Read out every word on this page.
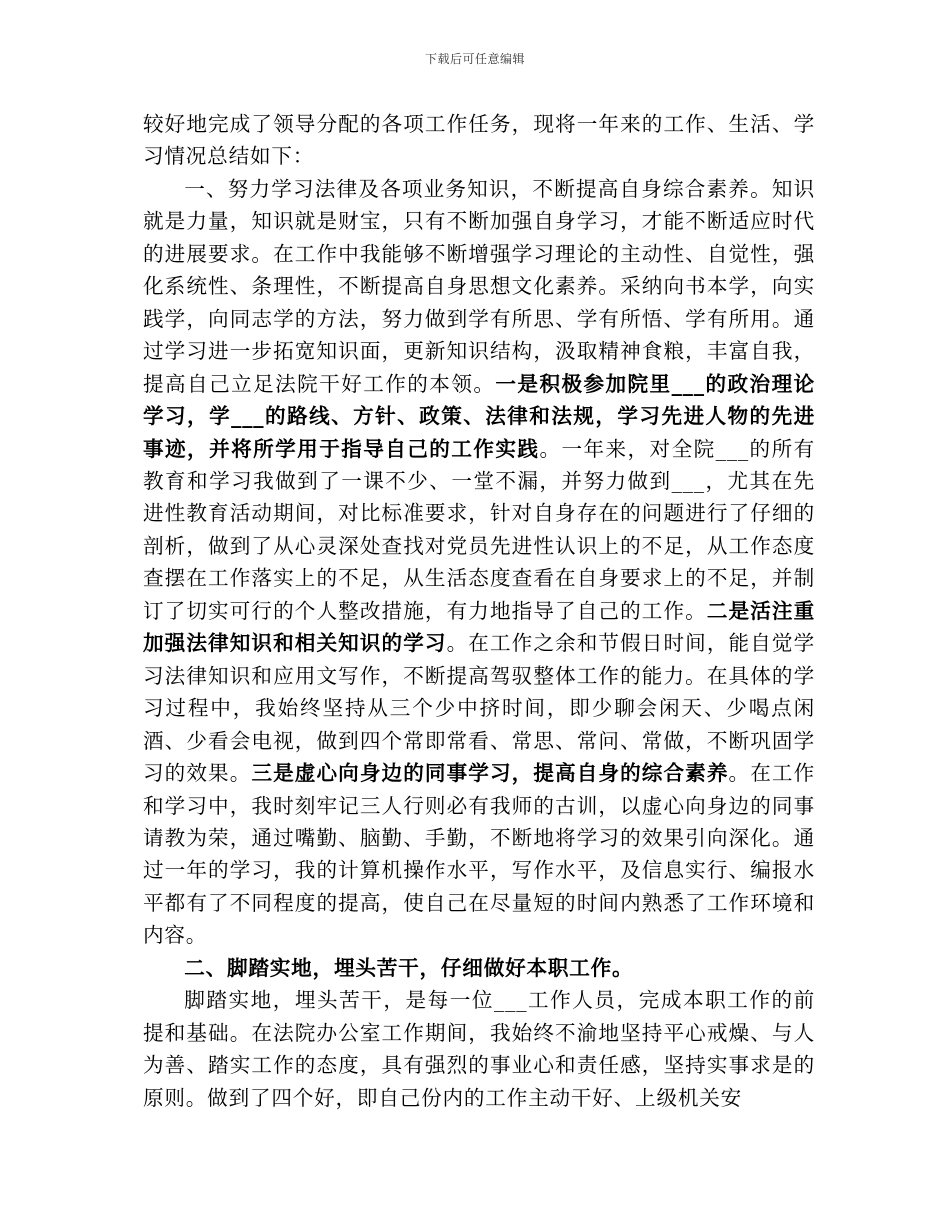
下载后可任意编辑

较好地完成了领导分配的各项工作任务，现将一年来的工作、生活、学习情况总结如下：

一、努力学习法律及各项业务知识，不断提高自身综合素养。知识就是力量，知识就是财宝，只有不断加强自身学习，才能不断适应时代的进展要求。在工作中我能够不断增强学习理论的主动性、自觉性，强化系统性、条理性，不断提高自身思想文化素养。采纳向书本学，向实践学，向同志学的方法，努力做到学有所思、学有所悟、学有所用。通过学习进一步拓宽知识面，更新知识结构，汲取精神食粮，丰富自我，提高自己立足法院干好工作的本领。一是积极参加院里___的政治理论学习，学___的路线、方针、政策、法律和法规，学习先进人物的先进事迹，并将所学用于指导自己的工作实践。一年来，对全院___的所有教育和学习我做到了一课不少、一堂不漏，并努力做到___，尤其在先进性教育活动期间，对比标准要求，针对自身存在的问题进行了仔细的剖析，做到了从心灵深处查找对党员先进性认识上的不足，从工作态度查摆在工作落实上的不足，从生活态度查看在自身要求上的不足，并制订了切实可行的个人整改措施，有力地指导了自己的工作。二是活注重加强法律知识和相关知识的学习。在工作之余和节假日时间，能自觉学习法律知识和应用文写作，不断提高驾驭整体工作的能力。在具体的学习过程中，我始终坚持从三个少中挤时间，即少聊会闲天、少喝点闲酒、少看会电视，做到四个常即常看、常思、常问、常做，不断巩固学习的效果。三是虚心向身边的同事学习，提高自身的综合素养。在工作和学习中，我时刻牢记三人行则必有我师的古训，以虚心向身边的同事请教为荣，通过嘴勤、脑勤、手勤，不断地将学习的效果引向深化。通过一年的学习，我的计算机操作水平，写作水平，及信息实行、编报水平都有了不同程度的提高，使自己在尽量短的时间内熟悉了工作环境和内容。

二、脚踏实地，埋头苦干，仔细做好本职工作。

脚踏实地，埋头苦干，是每一位___工作人员，完成本职工作的前提和基础。在法院办公室工作期间，我始终不渝地坚持平心戒燥、与人为善、踏实工作的态度，具有强烈的事业心和责任感，坚持实事求是的原则。做到了四个好，即自己份内的工作主动干好、上级机关安
